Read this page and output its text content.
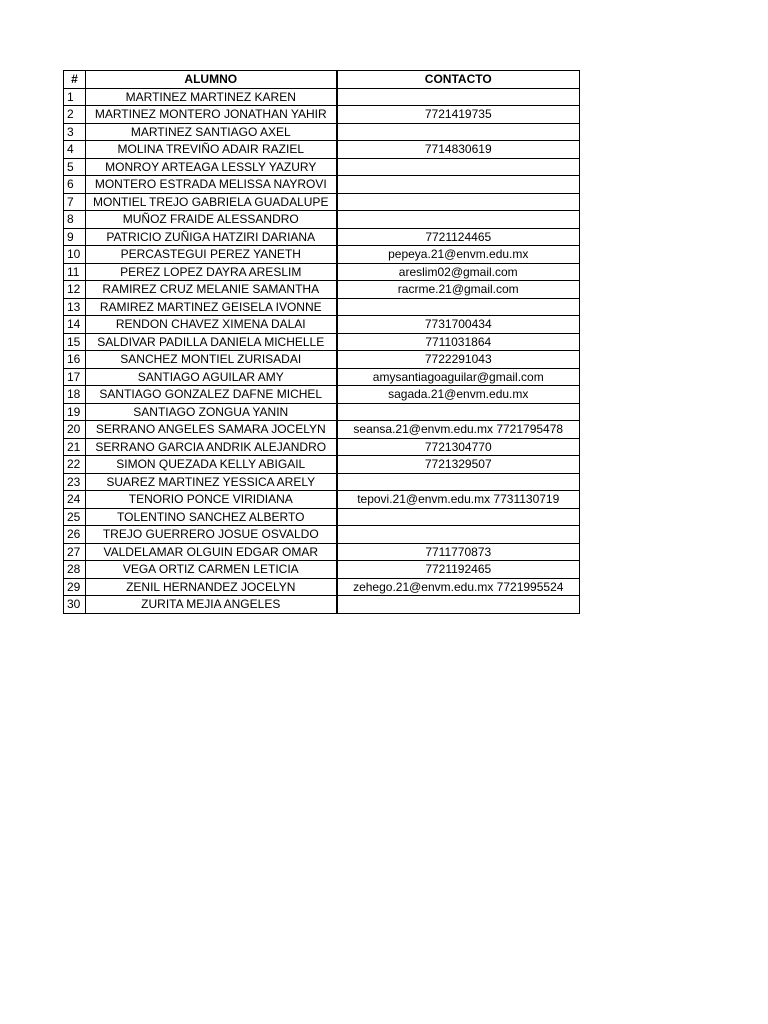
#	ALUMNO	CONTACTO
1	MARTINEZ MARTINEZ KAREN	
2	MARTINEZ MONTERO JONATHAN YAHIR	7721419735
3	MARTINEZ SANTIAGO AXEL	
4	MOLINA TREVIÑO ADAIR RAZIEL	7714830619
5	MONROY ARTEAGA LESSLY YAZURY	
6	MONTERO ESTRADA MELISSA NAYROVI	
7	MONTIEL TREJO GABRIELA GUADALUPE	
8	MUÑOZ FRAIDE ALESSANDRO	
9	PATRICIO ZUÑIGA HATZIRI DARIANA	7721124465
10	PERCASTEGUI PEREZ YANETH	pepeya.21@envm.edu.mx
11	PEREZ LOPEZ DAYRA ARESLIM	areslim02@gmail.com
12	RAMIREZ CRUZ MELANIE SAMANTHA	racrme.21@gmail.com
13	RAMIREZ MARTINEZ GEISELA IVONNE	
14	RENDON CHAVEZ XIMENA DALAI	7731700434
15	SALDIVAR PADILLA DANIELA MICHELLE	7711031864
16	SANCHEZ MONTIEL ZURISADAI	7722291043
17	SANTIAGO AGUILAR AMY	amysantiagoaguilar@gmail.com
18	SANTIAGO GONZALEZ DAFNE MICHEL	sagada.21@envm.edu.mx
19	SANTIAGO ZONGUA YANIN	
20	SERRANO ANGELES SAMARA JOCELYN	seansa.21@envm.edu.mx 7721795478
21	SERRANO GARCIA ANDRIK ALEJANDRO	7721304770
22	SIMON QUEZADA KELLY ABIGAIL	7721329507
23	SUAREZ MARTINEZ YESSICA ARELY	
24	TENORIO PONCE VIRIDIANA	tepovi.21@envm.edu.mx 7731130719
25	TOLENTINO SANCHEZ ALBERTO	
26	TREJO GUERRERO JOSUE OSVALDO	
27	VALDELAMAR OLGUIN EDGAR OMAR	7711770873
28	VEGA ORTIZ CARMEN LETICIA	7721192465
29	ZENIL HERNANDEZ JOCELYN	zehego.21@envm.edu.mx 7721995524
30	ZURITA MEJIA ANGELES	
